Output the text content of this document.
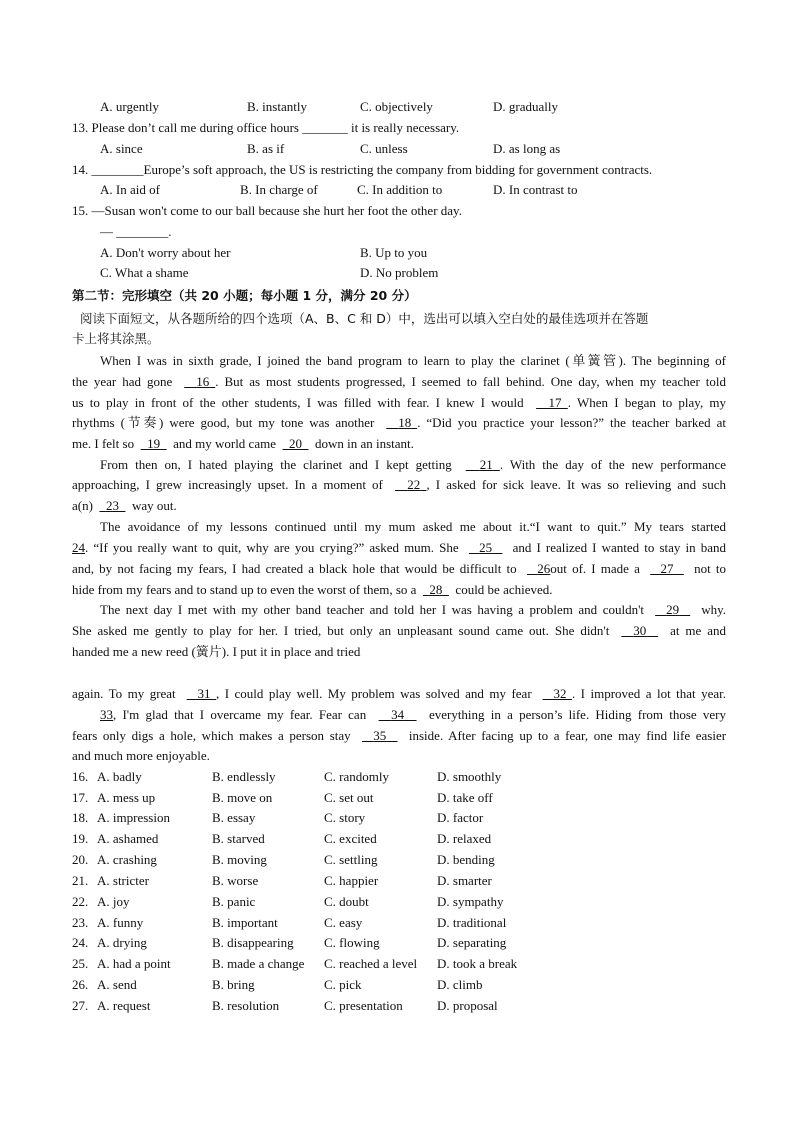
A. urgently	B. instantly	C. objectively	D. gradually
13. Please don’t call me during office hours _______ it is really necessary.
A. since	B. as if	C. unless	D. as long as
14. ________Europe’s soft approach, the US is restricting the company from bidding for government contracts.
A. In aid of	B. In charge of	C. In addition to	D. In contrast to
15. —Susan won't come to our ball because she hurt her foot the other day.
— ________.
A. Don't worry about her	B. Up to you
C. What a shame	D. No problem
第二节：完形填空（共 20 小题；每小题 1 分，满分 20 分）
阅读下面短文，从各题所给的四个选项（A、B、C 和 D）中，选出可以填入空白处的最佳选项并在答题
卡上将其涂黑。
When I was in sixth grade, I joined the band program to learn to play the clarinet (单簧管). The beginning of
the year had gone 16 . But as most students progressed, I seemed to fall behind. One day, when my teacher told
us to play in front of the other students, I was filled with fear. I knew I would 17 . When I began to play, my
rhythms (节奏) were good, but my tone was another 18 . “Did you practice your lesson?” the teacher barked at
me. I felt so 19 and my world came 20 down in an instant.
From then on, I hated playing the clarinet and I kept getting 21 . With the day of the new performance
approaching, I grew increasingly upset. In a moment of 22 , I asked for sick leave. It was so relieving and such
a(n) 23 way out.
The avoidance of my lessons continued until my mum asked me about it.“I want to quit.” My tears started
24. “If you really want to quit, why are you crying?” asked mum. She 25 and I realized I wanted to stay in band
and, by not facing my fears, I had created a black hole that would be difficult to 26out of. I made a 27 not to
hide from my fears and to stand up to even the worst of them, so a 28 could be achieved.
The next day I met with my other band teacher and told her I was having a problem and couldn't 29 why.
She asked me gently to play for her. I tried, but only an unpleasant sound came out. She didn't 30 at me and
handed me a new reed (簧片). I put it in place and tried
again. To my great 31 , I could play well. My problem was solved and my fear 32 . I improved a lot that year.
33, I'm glad that I overcame my fear. Fear can 34 everything in a person’s life. Hiding from those very
fears only digs a hole, which makes a person stay 35 inside. After facing up to a fear, one may find life easier
and much more enjoyable.
16. A. badly	B. endlessly	C. randomly	D. smoothly
17. A. mess up	B. move on	C. set out	D. take off
18. A. impression	B. essay	C. story	D. factor
19. A. ashamed	B. starved	C. excited	D. relaxed
20. A. crashing	B. moving	C. settling	D. bending
21. A. stricter	B. worse	C. happier	D. smarter
22. A. joy	B. panic	C. doubt	D. sympathy
23. A. funny	B. important	C. easy	D. traditional
24. A. drying	B. disappearing C. flowing	D. separating
25. A. had a point	B. made a change C. reached a level D. took a break
26. A. send	B. bring	C. pick	D. climb
27. A. request	B. resolution	C. presentation	D. proposal
